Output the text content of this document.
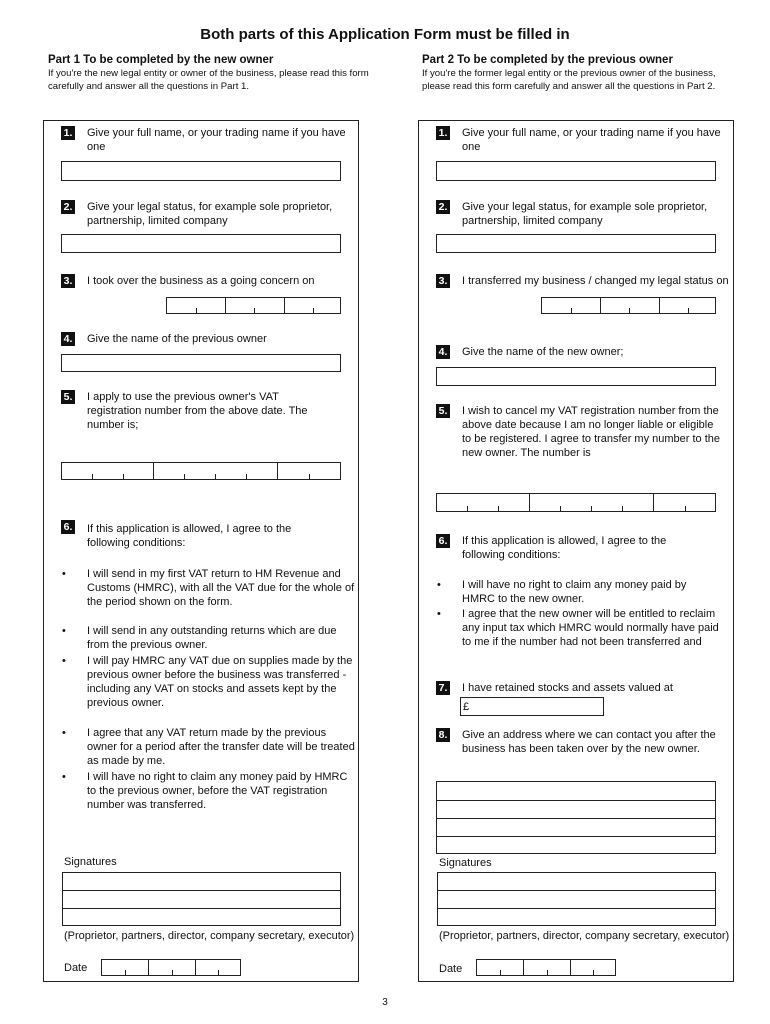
Both parts of this Application Form must be filled in
Part 1 To be completed by the new owner
If you're the new legal entity or owner of the business, please read this form carefully and answer all the questions in Part 1.
Part 2 To be completed by the previous owner
If you're the former legal entity or the previous owner of the business, please read this form carefully and answer all the questions in Part 2.
1. Give your full name, or your trading name if you have one
2. Give your legal status, for example sole proprietor, partnership, limited company
3. I took over the business as a going concern on
4. Give the name of the previous owner
5. I apply to use the previous owner's VAT registration number from the above date. The number is;
6. If this application is allowed, I agree to the following conditions:
• I will send in my first VAT return to HM Revenue and Customs (HMRC), with all the VAT due for the whole of the period shown on the form.
• I will send in any outstanding returns which are due from the previous owner.
• I will pay HMRC any VAT due on supplies made by the previous owner before the business was transferred - including any VAT on stocks and assets kept by the previous owner.
• I agree that any VAT return made by the previous owner for a period after the transfer date will be treated as made by me.
• I will have no right to claim any money paid by HMRC to the previous owner, before the VAT registration number was transferred.
Signatures
(Proprietor, partners, director, company secretary, executor)
Date
1. Give your full name, or your trading name if you have one
2. Give your legal status, for example sole proprietor, partnership, limited company
3. I transferred my business / changed my legal status on
4. Give the name of the new owner;
5. I wish to cancel my VAT registration number from the above date because I am no longer liable or eligible to be registered. I agree to transfer my number to the new owner. The number is
6. If this application is allowed, I agree to the following conditions:
• I will have no right to claim any money paid by HMRC to the new owner.
• I agree that the new owner will be entitled to reclaim any input tax which HMRC would normally have paid to me if the number had not been transferred and
7. I have retained stocks and assets valued at
£
8. Give an address where we can contact you after the business has been taken over by the new owner.
Signatures
(Proprietor, partners, director, company secretary, executor)
Date
3
